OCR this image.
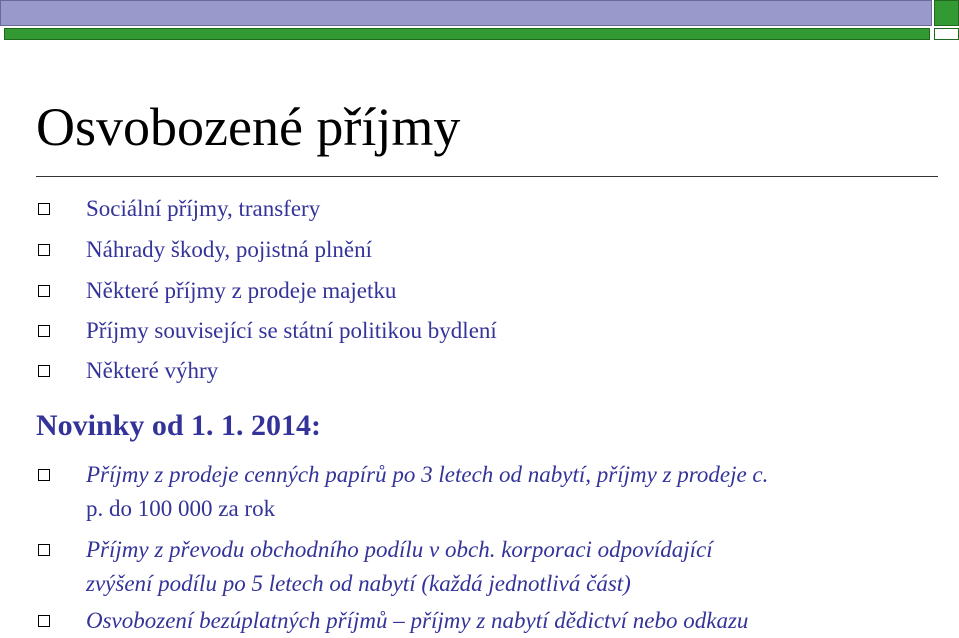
Osvobozené příjmy
Sociální příjmy, transfery
Náhrady škody, pojistná plnění
Některé příjmy z prodeje majetku
Příjmy související se státní politikou bydlení
Některé výhry
Novinky od 1. 1. 2014:
Příjmy z prodeje cenných papírů po 3 letech od nabytí, příjmy z prodeje c.
p. do 100 000 za rok
Příjmy z převodu obchodního podílu v obch. korporaci odpovídající
zvýšení podílu po 5 letech od nabytí (každá jednotlivá část)
Osvobození bezúplatných příjmů – příjmy z nabytí dědictví nebo odkazu
